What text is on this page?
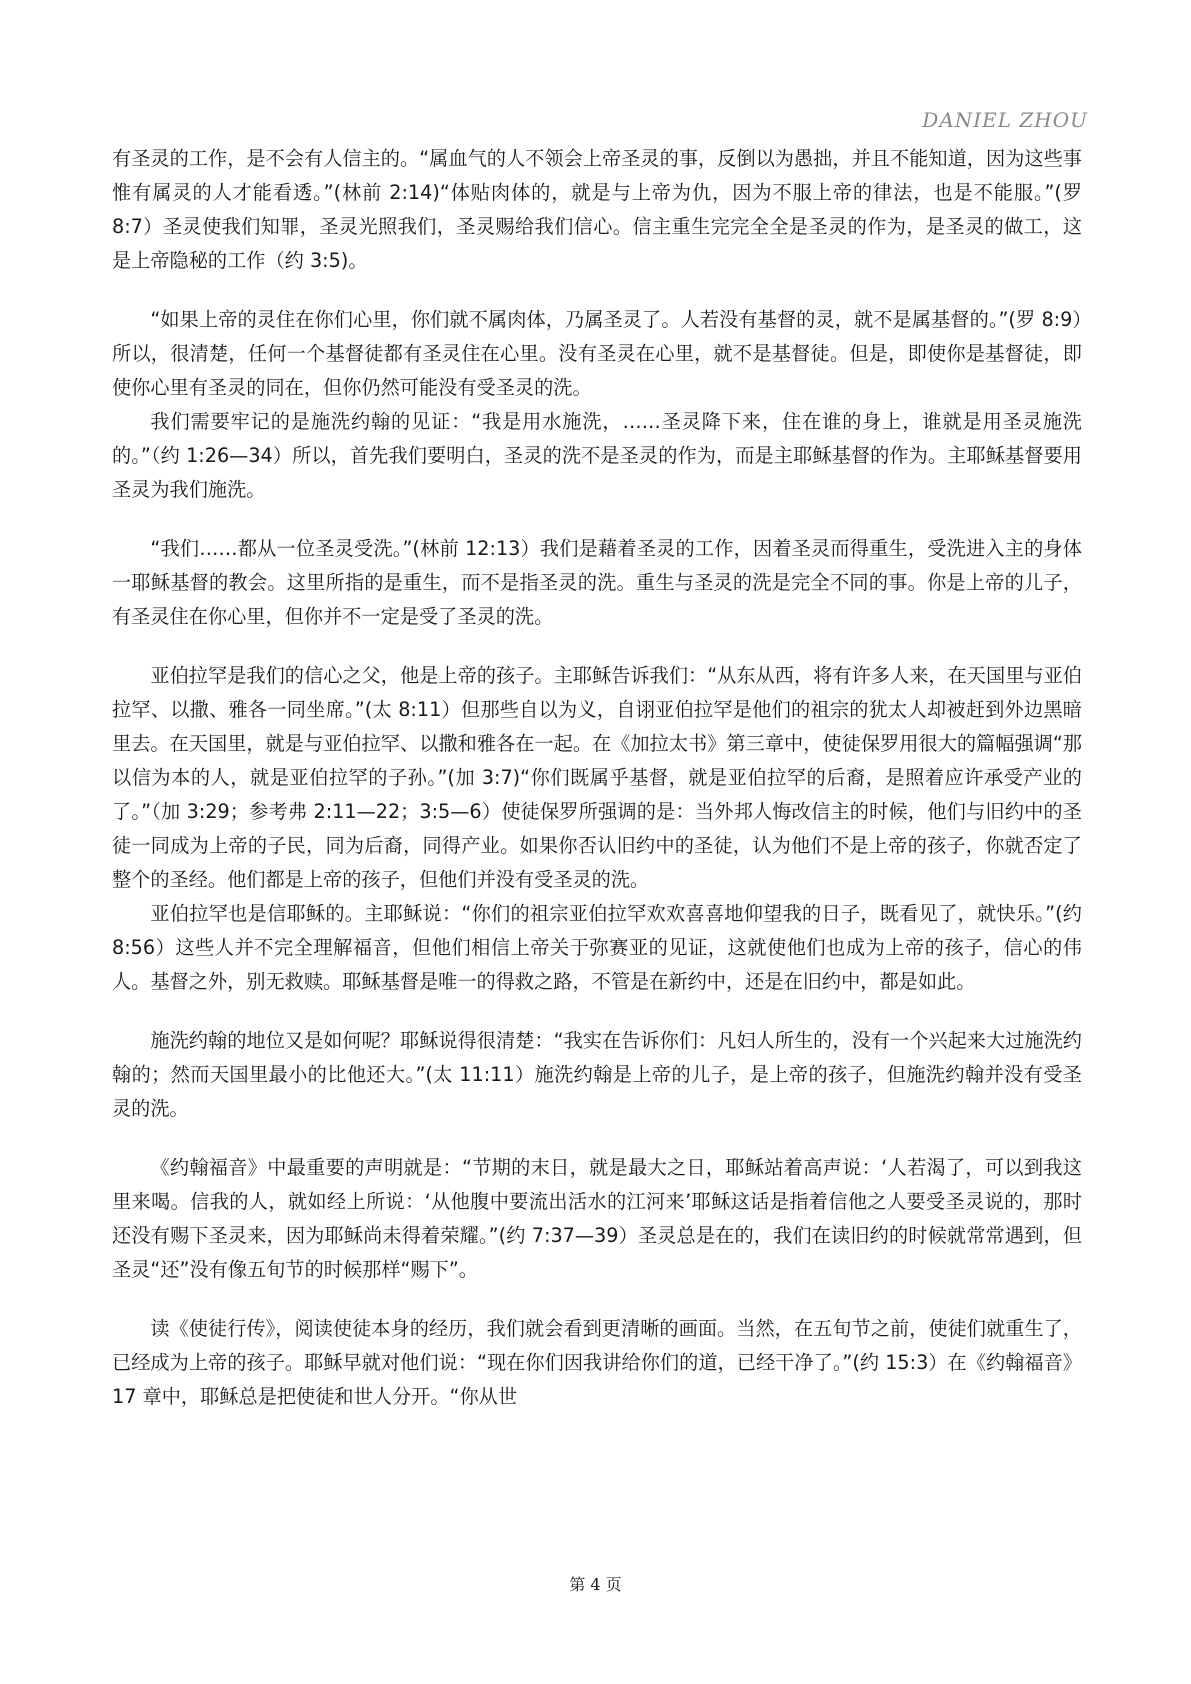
DANIEL ZHOU

有圣灵的工作，是不会有人信主的。“属血气的人不领会上帝圣灵的事，反倒以为愚拙，并且不能知道，因为这些事惟有属灵的人才能看透。”(林前 2:14)“体贴肉体的，就是与上帝为仇，因为不服上帝的律法，也是不能服。”(罗 8:7）圣灵使我们知罪，圣灵光照我们，圣灵赐给我们信心。信主重生完完全全是圣灵的作为，是圣灵的做工，这是上帝隐秘的工作（约 3:5)。

“如果上帝的灵住在你们心里，你们就不属肉体，乃属圣灵了。人若没有基督的灵，就不是属基督的。”(罗 8:9）所以，很清楚，任何一个基督徒都有圣灵住在心里。没有圣灵在心里，就不是基督徒。但是，即使你是基督徒，即使你心里有圣灵的同在，但你仍然可能没有受圣灵的洗。

我们需要牢记的是施洗约翰的见证：“我是用水施洗，……圣灵降下来，住在谁的身上，谁就是用圣灵施洗的。”（约 1:26—34）所以，首先我们要明白，圣灵的洗不是圣灵的作为，而是主耶稣基督的作为。主耶稣基督要用圣灵为我们施洗。

“我们……都从一位圣灵受洗。”(林前 12:13）我们是藉着圣灵的工作，因着圣灵而得重生，受洗进入主的身体一耶稣基督的教会。这里所指的是重生，而不是指圣灵的洗。重生与圣灵的洗是完全不同的事。你是上帝的儿子，有圣灵住在你心里，但你并不一定是受了圣灵的洗。

亚伯拉罕是我们的信心之父，他是上帝的孩子。主耶稣告诉我们：“从东从西，将有许多人来，在天国里与亚伯拉罕、以撒、雅各一同坐席。”(太 8:11）但那些自以为义，自诩亚伯拉罕是他们的祖宗的犹太人却被赶到外边黑暗里去。在天国里，就是与亚伯拉罕、以撒和雅各在一起。在《加拉太书》第三章中，使徒保罗用很大的篇幅强调“那以信为本的人，就是亚伯拉罕的子孙。”(加 3:7)“你们既属乎基督，就是亚伯拉罕的后裔，是照着应许承受产业的了。”（加 3:29；参考弗 2:11—22；3:5—6）使徒保罗所强调的是：当外邦人悔改信主的时候，他们与旧约中的圣徒一同成为上帝的子民，同为后裔，同得产业。如果你否认旧约中的圣徒，认为他们不是上帝的孩子，你就否定了整个的圣经。他们都是上帝的孩子，但他们并没有受圣灵的洗。

亚伯拉罕也是信耶稣的。主耶稣说：“你们的祖宗亚伯拉罕欢欢喜喜地仰望我的日子，既看见了，就快乐。”(约 8:56）这些人并不完全理解福音，但他们相信上帝关于弥赛亚的见证，这就使他们也成为上帝的孩子，信心的伟人。基督之外，别无救赎。耶稣基督是唯一的得救之路，不管是在新约中，还是在旧约中，都是如此。

施洗约翰的地位又是如何呢？耶稣说得很清楚：“我实在告诉你们：凡妇人所生的，没有一个兴起来大过施洗约翰的；然而天国里最小的比他还大。”(太 11:11）施洗约翰是上帝的儿子，是上帝的孩子，但施洗约翰并没有受圣灵的洗。

《约翰福音》中最重要的声明就是：“节期的末日，就是最大之日，耶稣站着高声说：‘人若渴了，可以到我这里来喝。信我的人，就如经上所说：‘从他腹中要流出活水的江河来’耶稣这话是指着信他之人要受圣灵说的，那时还没有赐下圣灵来，因为耶稣尚未得着荣耀。”(约 7:37—39）圣灵总是在的，我们在读旧约的时候就常常遇到，但圣灵“还”没有像五旬节的时候那样“赐下”。

读《使徒行传》，阅读使徒本身的经历，我们就会看到更清晰的画面。当然，在五旬节之前，使徒们就重生了，已经成为上帝的孩子。耶稣早就对他们说：“现在你们因我讲给你们的道，已经干净了。”(约 15:3）在《约翰福音》17 章中，耶稣总是把使徒和世人分开。“你从世

第 4 页
